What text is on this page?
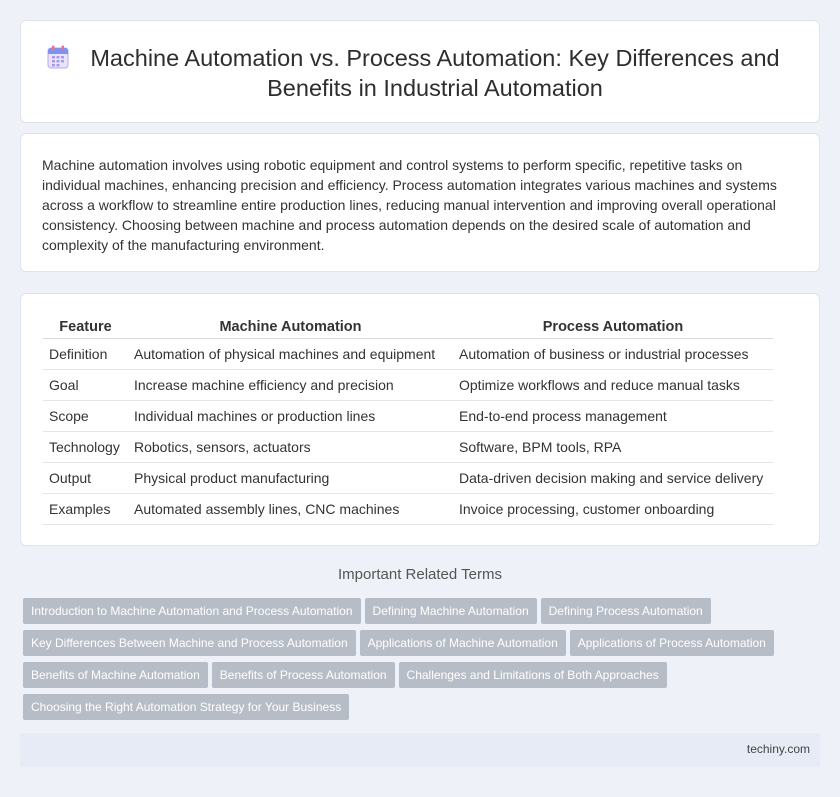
Machine Automation vs. Process Automation: Key Differences and Benefits in Industrial Automation

Machine automation involves using robotic equipment and control systems to perform specific, repetitive tasks on individual machines, enhancing precision and efficiency. Process automation integrates various machines and systems across a workflow to streamline entire production lines, reducing manual intervention and improving overall operational consistency. Choosing between machine and process automation depends on the desired scale of automation and complexity of the manufacturing environment.

Feature	Machine Automation	Process Automation
Definition	Automation of physical machines and equipment	Automation of business or industrial processes
Goal	Increase machine efficiency and precision	Optimize workflows and reduce manual tasks
Scope	Individual machines or production lines	End-to-end process management
Technology	Robotics, sensors, actuators	Software, BPM tools, RPA
Output	Physical product manufacturing	Data-driven decision making and service delivery
Examples	Automated assembly lines, CNC machines	Invoice processing, customer onboarding
Important Related Terms
Introduction to Machine Automation and Process Automation Defining Machine Automation Defining Process AutomationKey Differences Between Machine and Process Automation Applications of Machine Automation Applications of Process AutomationBenefits of Machine Automation Benefits of Process Automation Challenges and Limitations of Both ApproachesChoosing the Right Automation Strategy for Your Business
techiny.com
